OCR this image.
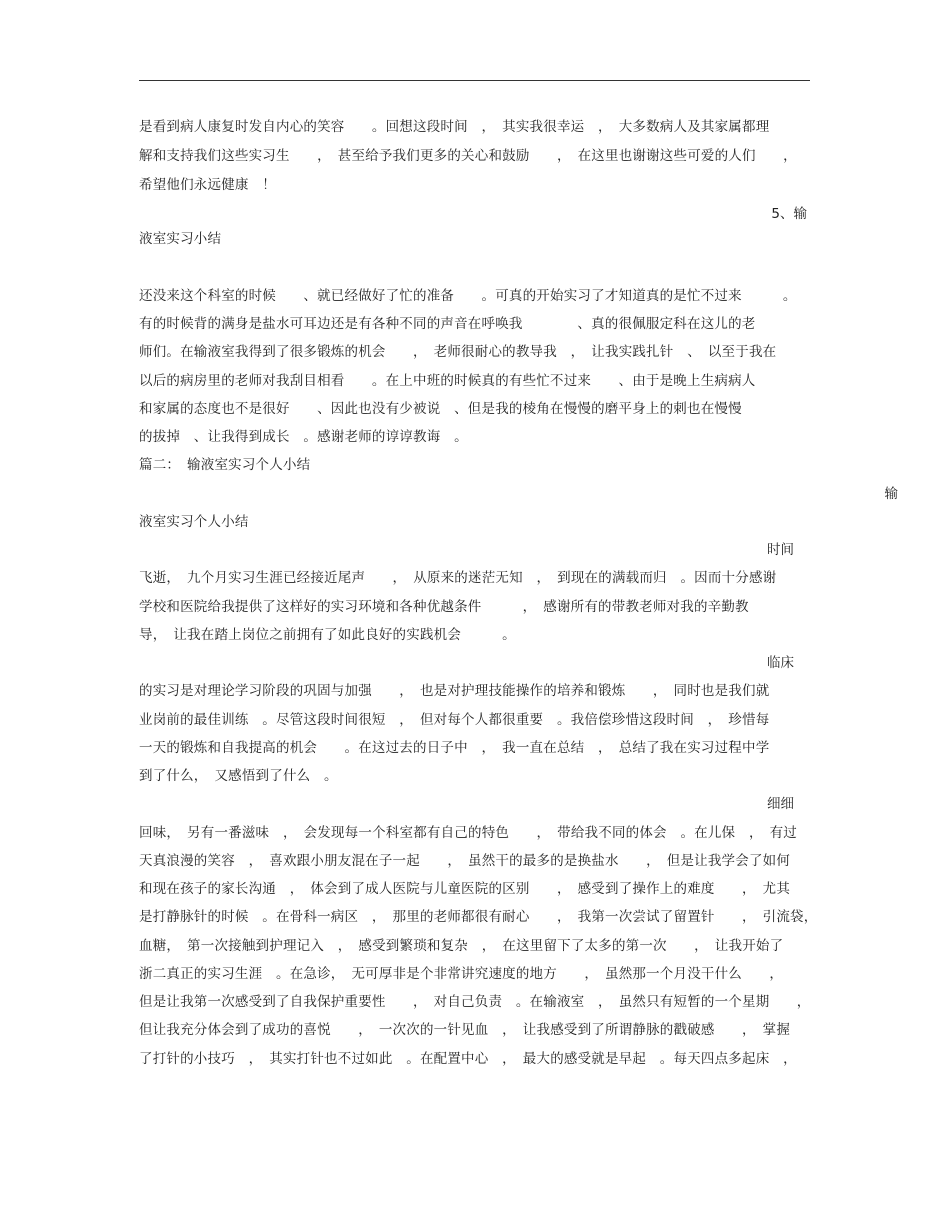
是看到病人康复时发自内心的笑容　　。回想这段时间　，　其实我很幸运　，　大多数病人及其家属都理
解和支持我们这些实习生　　，　甚至给予我们更多的关心和鼓励　　，　在这里也谢谢这些可爱的人们　　，
希望他们永远健康　！
5、输
液室实习小结
还没来这个科室的时候　　、就已经做好了忙的准备　　。可真的开始实习了才知道真的是忙不过来　　　。
有的时候背的满身是盐水可耳边还是有各种不同的声音在呼唤我　　　　、真的很佩服定科在这儿的老
师们。在输液室我得到了很多锻炼的机会　　，　老师很耐心的教导我　，　让我实践扎针　、　以至于我在
以后的病房里的老师对我刮目相看　　。在上中班的时候真的有些忙不过来　　、由于是晚上生病病人
和家属的态度也不是很好　　、因此也没有少被说　、但是我的棱角在慢慢的磨平身上的刺也在慢慢
的拔掉　、让我得到成长　。感谢老师的谆谆教诲　。
篇二：　输液室实习个人小结
输
液室实习个人小结
时间
飞逝，　九个月实习生涯已经接近尾声　　，　从原来的迷茫无知　，　到现在的满载而归　。因而十分感谢
学校和医院给我提供了这样好的实习环境和各种优越条件　　　，　感谢所有的带教老师对我的辛勤教
导，　让我在踏上岗位之前拥有了如此良好的实践机会　　　。
临床
的实习是对理论学习阶段的巩固与加强　　，　也是对护理技能操作的培养和锻炼　　，　同时也是我们就
业岗前的最佳训练　。尽管这段时间很短　，　但对每个人都很重要　。我倍偿珍惜这段时间　，　珍惜每
一天的锻炼和自我提高的机会　　。在这过去的日子中　，　我一直在总结　，　总结了我在实习过程中学
到了什么，　又感悟到了什么　。
细细
回味，　另有一番滋味　，　会发现每一个科室都有自己的特色　　，　带给我不同的体会　。在儿保　，　有过
天真浪漫的笑容　，　喜欢跟小朋友混在子一起　　，　虽然干的最多的是换盐水　　，　但是让我学会了如何
和现在孩子的家长沟通　，　体会到了成人医院与儿童医院的区别　　，　感受到了操作上的难度　　，　尤其
是打静脉针的时候　。在骨科一病区　，　那里的老师都很有耐心　　，　我第一次尝试了留置针　　，　引流袋，
血糖，　第一次接触到护理记入　，　感受到繁琐和复杂　，　在这里留下了太多的第一次　　，　让我开始了
浙二真正的实习生涯　。在急诊，　无可厚非是个非常讲究速度的地方　　，　虽然那一个月没干什么　　，
但是让我第一次感受到了自我保护重要性　　，　对自己负责　。在输液室　，　虽然只有短暂的一个星期　　，
但让我充分体会到了成功的喜悦　　，　一次次的一针见血　，　让我感受到了所谓静脉的戳破感　　，　掌握
了打针的小技巧　，　其实打针也不过如此　。在配置中心　，　最大的感受就是早起　。每天四点多起床　，
